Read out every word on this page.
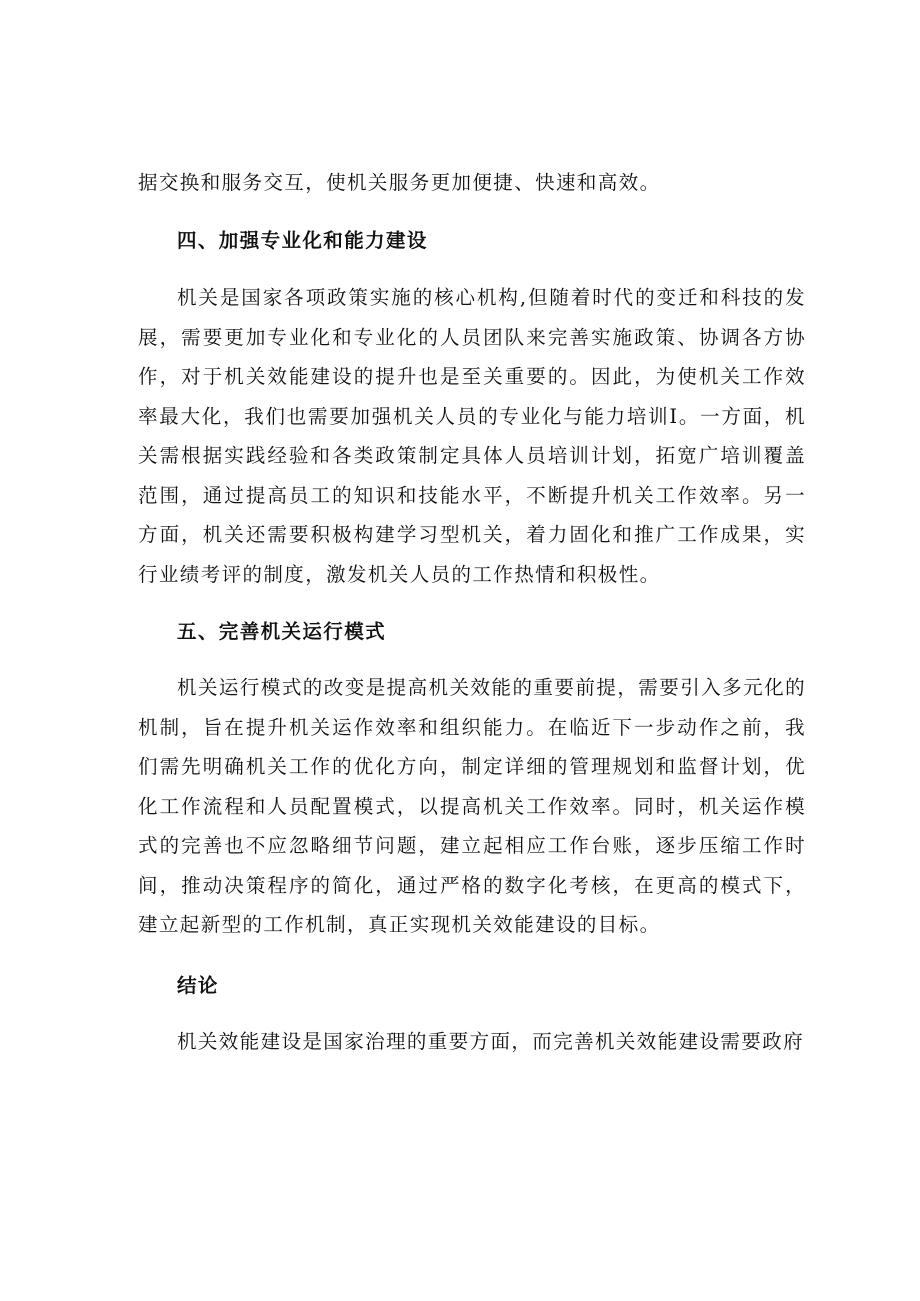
据交换和服务交互，使机关服务更加便捷、快速和高效。

四、加强专业化和能力建设

机关是国家各项政策实施的核心机构,但随着时代的变迁和科技的发展，需要更加专业化和专业化的人员团队来完善实施政策、协调各方协作，对于机关效能建设的提升也是至关重要的。因此，为使机关工作效率最大化，我们也需要加强机关人员的专业化与能力培训Ⅰ。一方面，机关需根据实践经验和各类政策制定具体人员培训计划，拓宽广培训覆盖范围，通过提高员工的知识和技能水平，不断提升机关工作效率。另一方面，机关还需要积极构建学习型机关，着力固化和推广工作成果，实行业绩考评的制度，激发机关人员的工作热情和积极性。

五、完善机关运行模式

机关运行模式的改变是提高机关效能的重要前提，需要引入多元化的机制，旨在提升机关运作效率和组织能力。在临近下一步动作之前，我们需先明确机关工作的优化方向，制定详细的管理规划和监督计划，优化工作流程和人员配置模式，以提高机关工作效率。同时，机关运作模式的完善也不应忽略细节问题，建立起相应工作台账，逐步压缩工作时间，推动决策程序的简化，通过严格的数字化考核，在更高的模式下，建立起新型的工作机制，真正实现机关效能建设的目标。

结论

机关效能建设是国家治理的重要方面，而完善机关效能建设需要政府
